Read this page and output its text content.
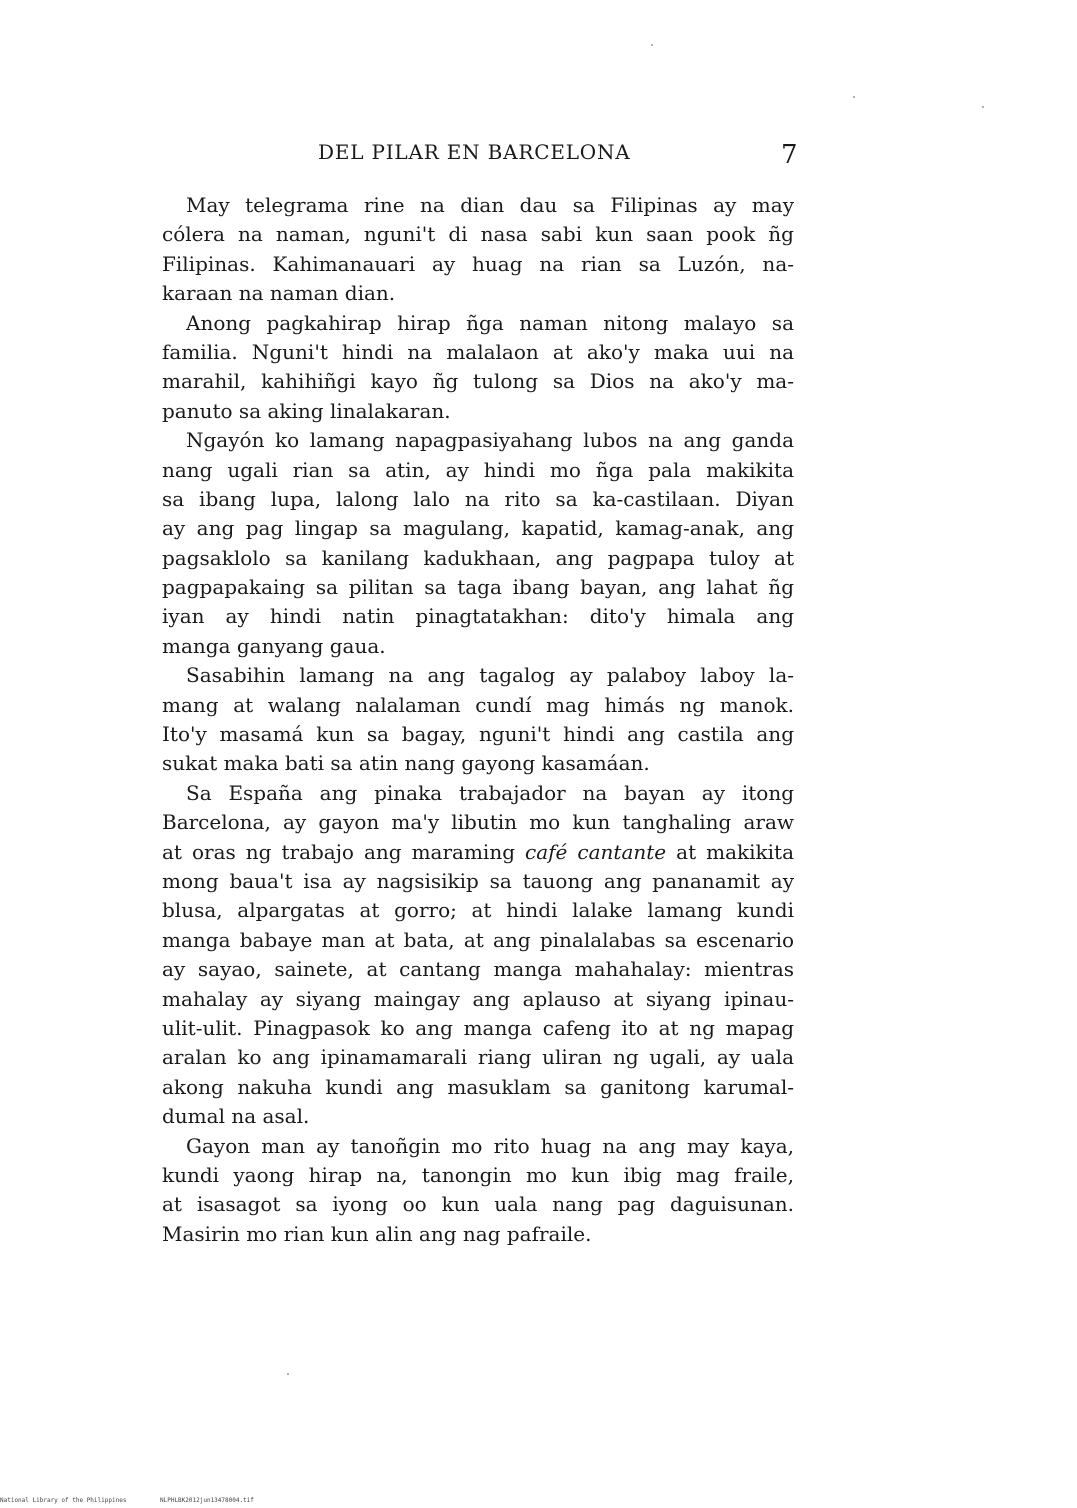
DEL PILAR EN BARCELONA	7
May telegrama rine na dian dau sa Filipinas ay may
cólera na naman, nguni't di nasa sabi kun saan pook ñg
Filipinas. Kahimanauari ay huag na rian sa Luzón, na-
karaan na naman dian.
Anong pagkahirap hirap ñga naman nitong malayo sa
familia. Nguni't hindi na malalaon at ako'y maka uui na
marahil, kahihiñgi kayo ñg tulong sa Dios na ako'y ma-
panuto sa aking linalakaran.
Ngayón ko lamang napagpasiyahang lubos na ang ganda
nang ugali rian sa atin, ay hindi mo ñga pala makikita
sa ibang lupa, lalong lalo na rito sa ka-castilaan. Diyan
ay ang pag lingap sa magulang, kapatid, kamag-anak, ang
pagsaklolo sa kanilang kadukhaan, ang pagpapa tuloy at
pagpapakaing sa pilitan sa taga ibang bayan, ang lahat ñg
iyan ay hindi natin pinagtatakhan: dito'y himala ang
manga ganyang gaua.
Sasabihin lamang na ang tagalog ay palaboy laboy la-
mang at walang nalalaman cundí mag himás ng manok.
Ito'y masamá kun sa bagay, nguni't hindi ang castila ang
sukat maka bati sa atin nang gayong kasamáan.
Sa España ang pinaka trabajador na bayan ay itong
Barcelona, ay gayon ma'y libutin mo kun tanghaling araw
at oras ng trabajo ang maraming café cantante at makikita
mong baua't isa ay nagsisikip sa tauong ang pananamit ay
blusa, alpargatas at gorro; at hindi lalake lamang kundi
manga babaye man at bata, at ang pinalalabas sa escenario
ay sayao, sainete, at cantang manga mahahalay: mientras
mahalay ay siyang maingay ang aplauso at siyang ipinau-
ulit-ulit. Pinagpasok ko ang manga cafeng ito at ng mapag
aralan ko ang ipinamamarali riang uliran ng ugali, ay uala
akong nakuha kundi ang masuklam sa ganitong karumal-
dumal na asal.
Gayon man ay tanoñgin mo rito huag na ang may kaya,
kundi yaong hirap na, tanongin mo kun ibig mag fraile,
at isasagot sa iyong oo kun uala nang pag daguisunan.
Masirin mo rian kun alin ang nag pafraile.
National Library of the Philippines	NLPHLBK2012jun13478004.tif
